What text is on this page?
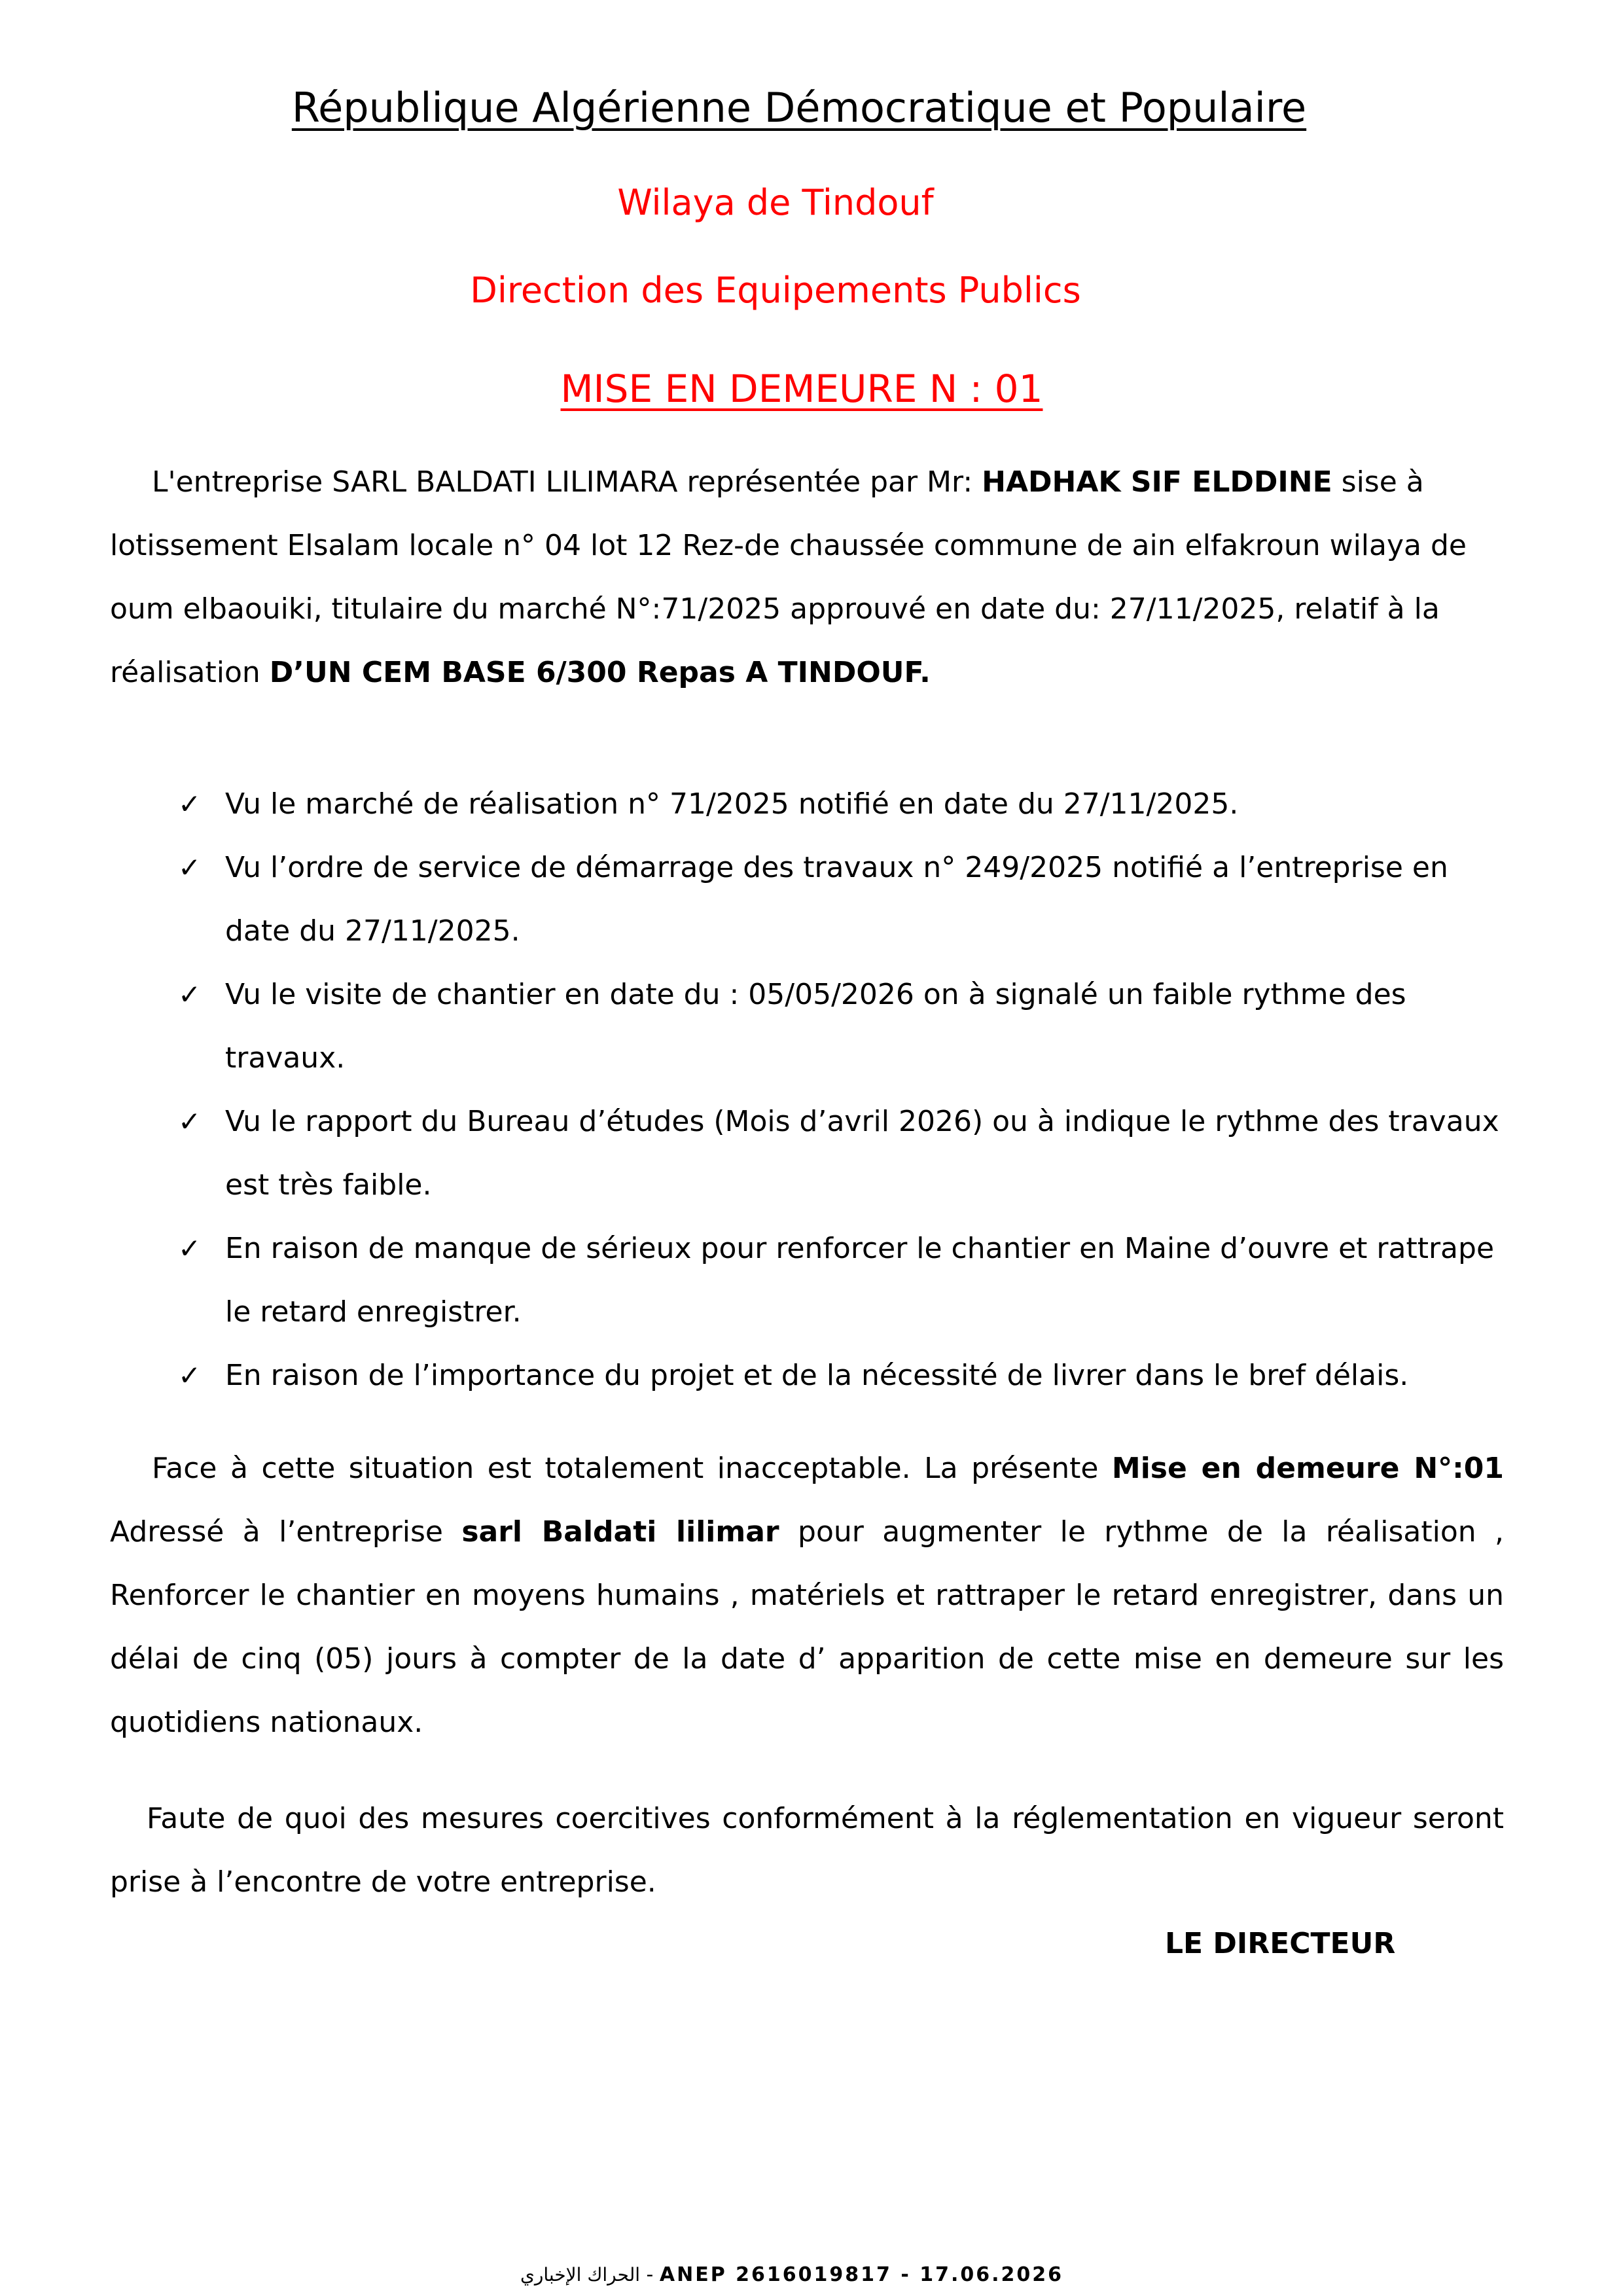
République Algérienne Démocratique et Populaire
Wilaya de Tindouf
Direction des Equipements Publics
MISE EN DEMEURE N : 01

L'entreprise SARL BALDATI LILIMARA représentée par Mr: HADHAK SIF ELDDINE sise à lotissement Elsalam locale n° 04 lot 12 Rez-de chaussée commune de ain elfakroun wilaya de oum elbaouiki, titulaire du marché N°:71/2025 approuvé en date du: 27/11/2025, relatif à la réalisation D’UN CEM BASE 6/300 Repas A TINDOUF.

✓ Vu le marché de réalisation n° 71/2025 notifié en date du 27/11/2025.
✓ Vu l’ordre de service de démarrage des travaux n° 249/2025 notifié a l’entreprise en date du 27/11/2025.
✓ Vu le visite de chantier en date du : 05/05/2026 on à signalé un faible rythme des travaux.
✓ Vu le rapport du Bureau d’études (Mois d’avril 2026) ou à indique le rythme des travaux est très faible.
✓ En raison de manque de sérieux pour renforcer le chantier en Maine d’ouvre et rattrape le retard enregistrer.
✓ En raison de l’importance du projet et de la nécessité de livrer dans le bref délais.

Face à cette situation est totalement inacceptable. La présente Mise en demeure N°:01 Adressé à l’entreprise sarl Baldati lilimar pour augmenter le rythme de la réalisation , Renforcer le chantier en moyens humains , matériels et rattraper le retard enregistrer, dans un délai de cinq (05) jours à compter de la date d’ apparition de cette mise en demeure sur les quotidiens nationaux.

Faute de quoi des mesures coercitives conformément à la réglementation en vigueur seront prise à l’encontre de votre entreprise.

LE DIRECTEUR
الحراك الإخباري - ANEP 2616019817 - 17.06.2026
